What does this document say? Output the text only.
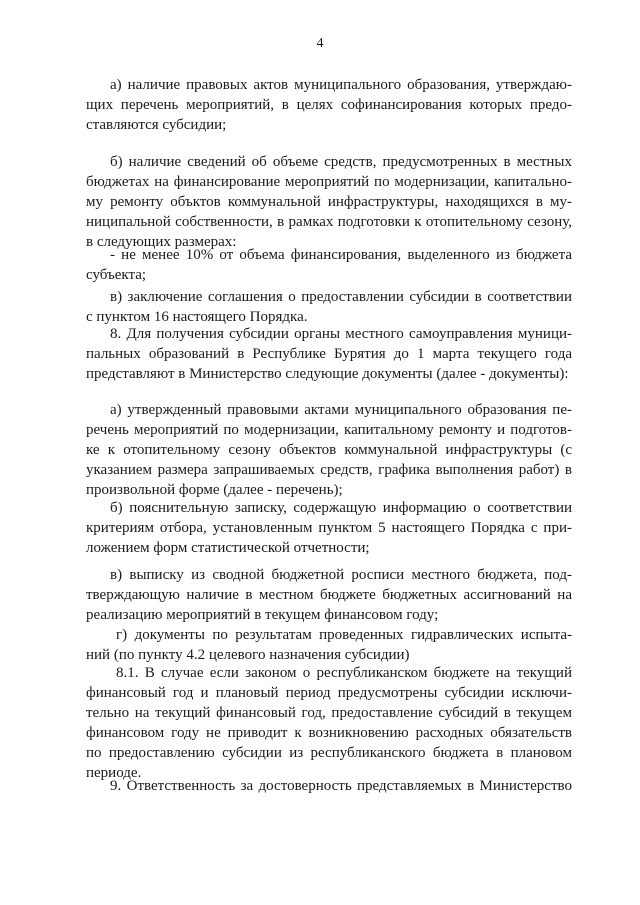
4
а) наличие правовых актов муниципального образования, утверждаю-
щих перечень мероприятий, в целях софинансирования которых предо-
ставляются субсидии;
б) наличие сведений об объеме средств, предусмотренных в местных
бюджетах на финансирование мероприятий по модернизации, капитально-
му ремонту объктов коммунальной инфраструктуры, находящихся в му-
ниципальной собственности, в рамках подготовки к отопительному сезону,
в следующих размерах:
- не менее 10% от объема финансирования, выделенного из бюджета
субъекта;
в) заключение соглашения о предоставлении субсидии в соответствии
с пунктом 16 настоящего Порядка.
8. Для получения субсидии органы местного самоуправления муници-
пальных образований в Республике Бурятия до 1 марта текущего года
представляют в Министерство следующие документы (далее - документы):
а) утвержденный правовыми актами муниципального образования пе-
речень мероприятий по модернизации, капитальному ремонту и подготов-
ке к отопительному сезону объектов коммунальной инфраструктуры (с
указанием размера запрашиваемых средств, графика выполнения работ) в
произвольной форме (далее - перечень);
б) пояснительную записку, содержащую информацию о соответствии
критериям отбора, установленным пунктом 5 настоящего Порядка с при-
ложением форм статистической отчетности;
в) выписку из сводной бюджетной росписи местного бюджета, под-
тверждающую наличие в местном бюджете бюджетных ассигнований на
реализацию мероприятий в текущем финансовом году;
г) документы по результатам проведенных гидравлических испыта-
ний (по пункту 4.2 целевого назначения субсидии)
8.1. В случае если законом о республиканском бюджете на текущий
финансовый год и плановый период предусмотрены субсидии исключи-
тельно на текущий финансовый год, предоставление субсидий в текущем
финансовом году не приводит к возникновению расходных обязательств
по предоставлению субсидии из республиканского бюджета в плановом
периоде.
9. Ответственность за достоверность представляемых в Министерство
